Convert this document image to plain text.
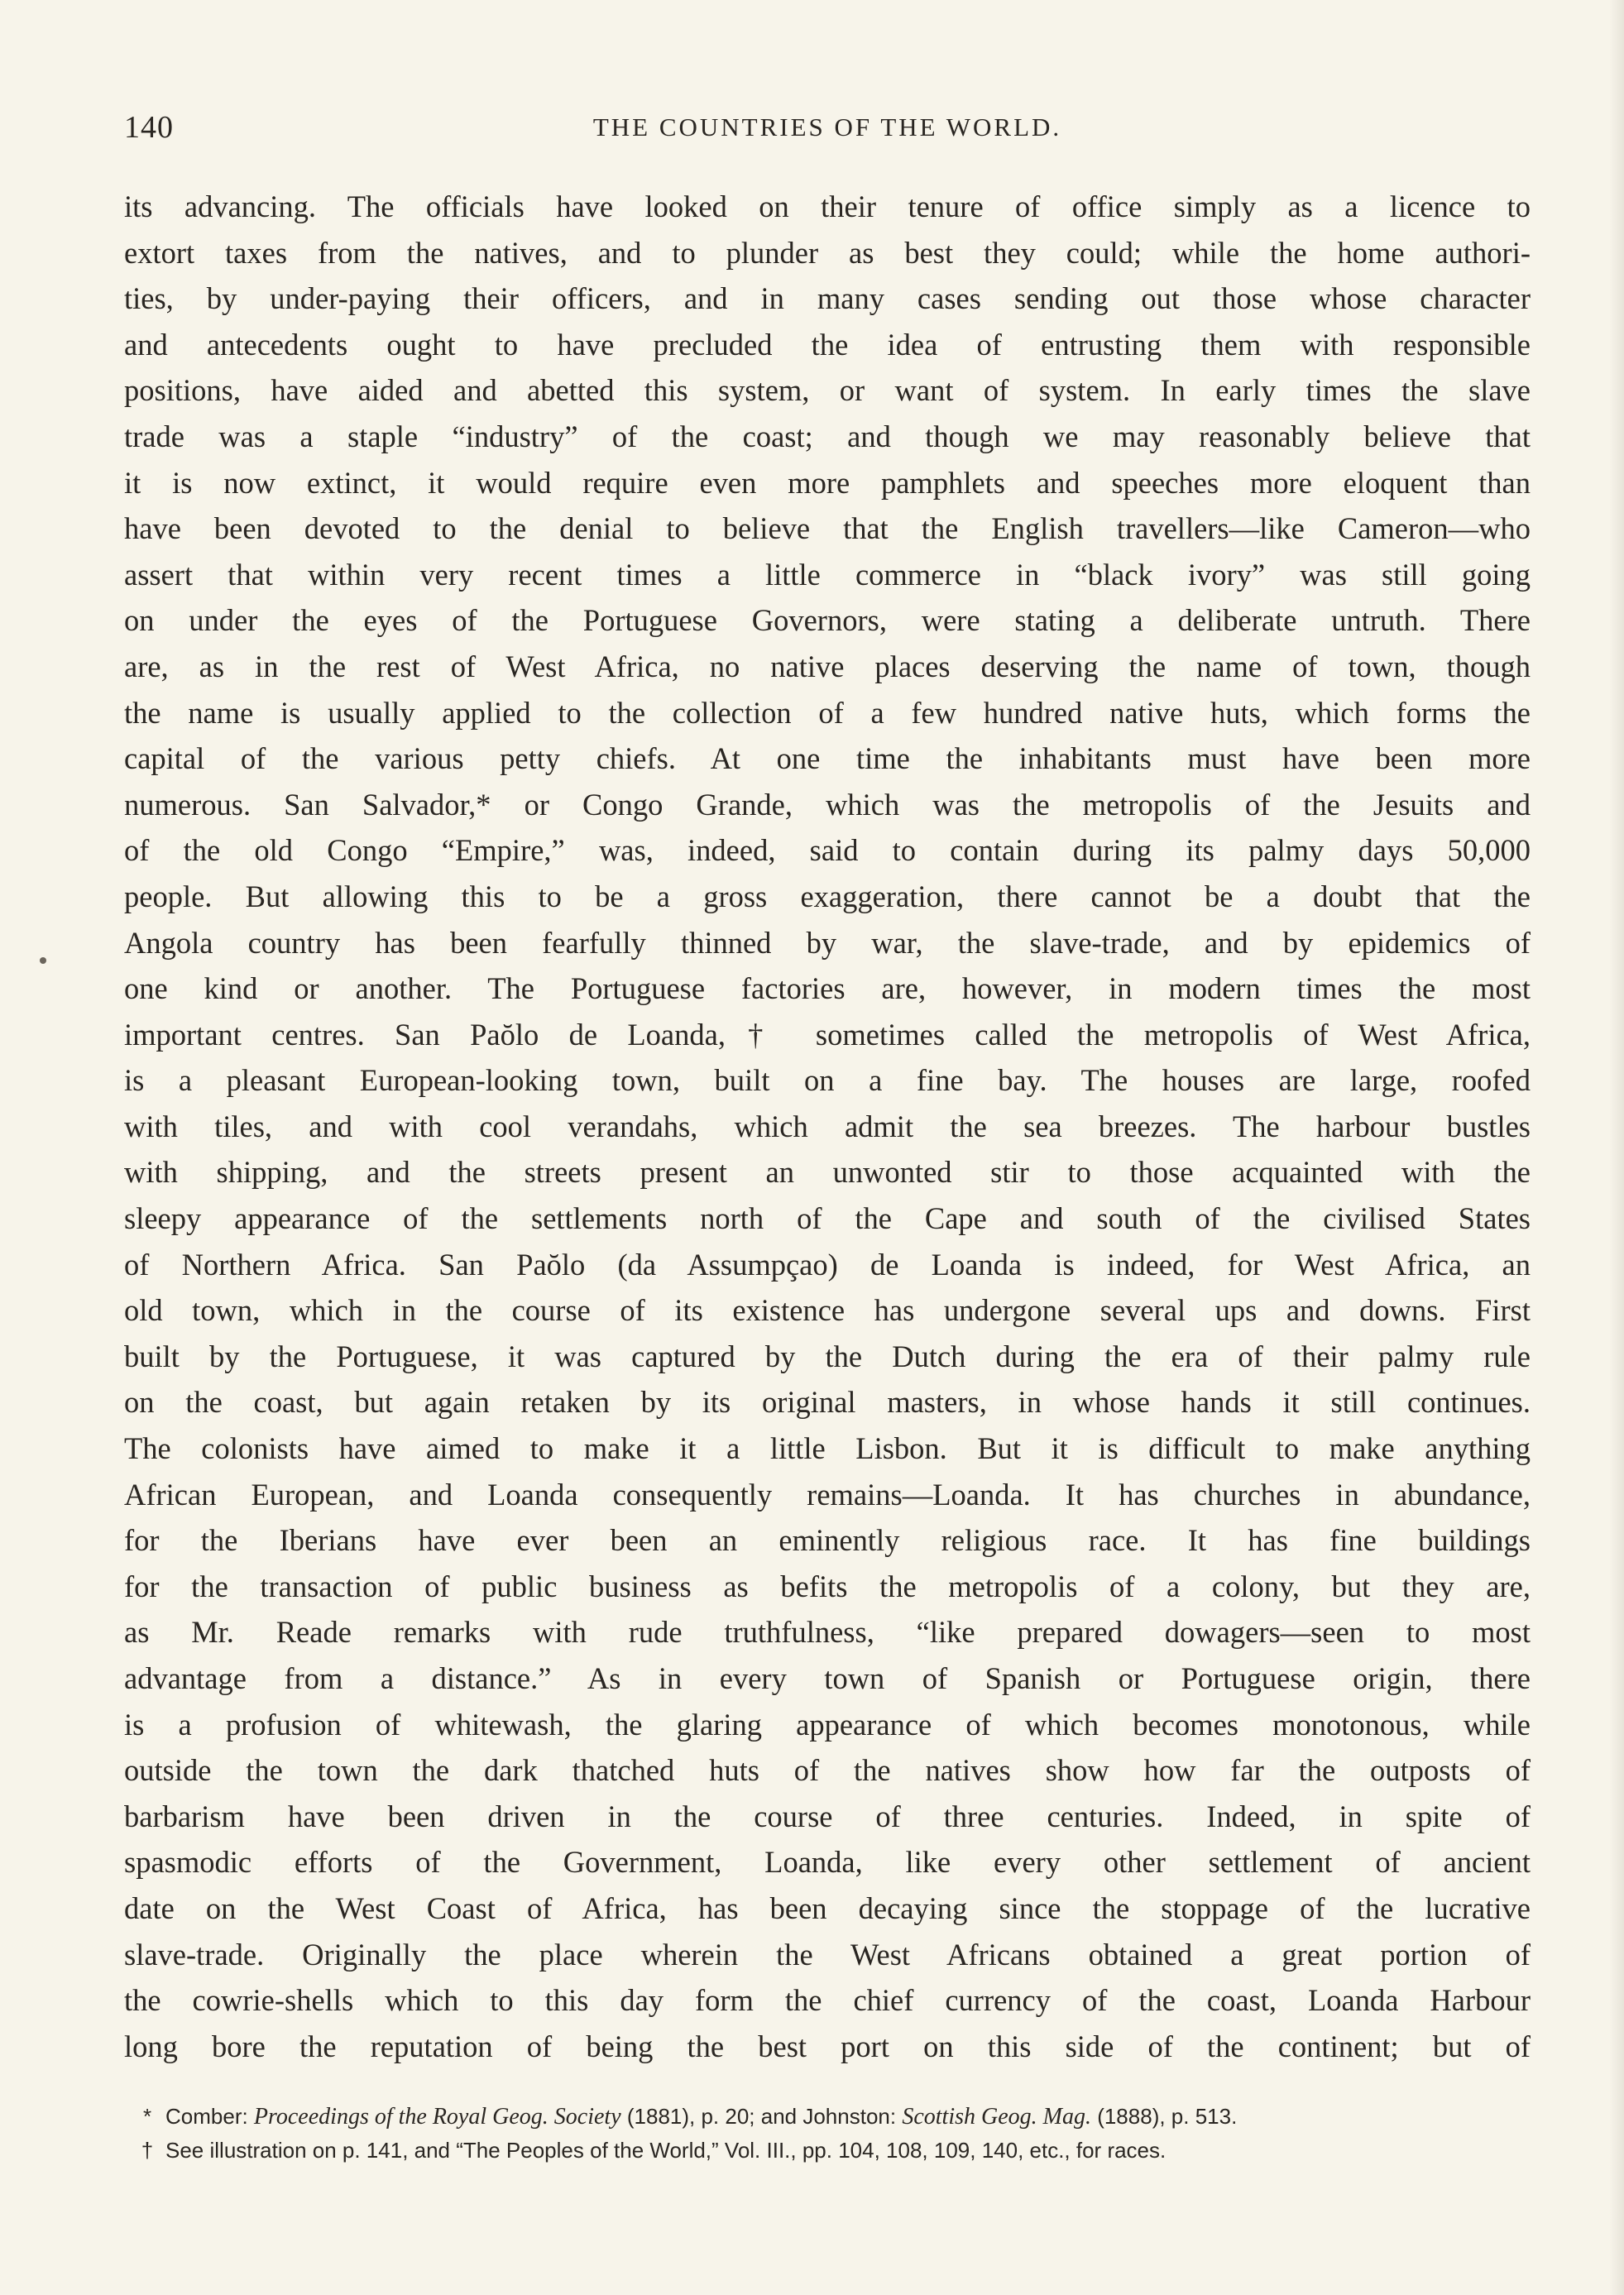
140	THE COUNTRIES OF THE WORLD.
its advancing. The officials have looked on their tenure of office simply as a licence to
extort taxes from the natives, and to plunder as best they could; while the home authori-
ties, by under-paying their officers, and in many cases sending out those whose character
and antecedents ought to have precluded the idea of entrusting them with responsible
positions, have aided and abetted this system, or want of system. In early times the slave
trade was a staple “industry” of the coast; and though we may reasonably believe that
it is now extinct, it would require even more pamphlets and speeches more eloquent than
have been devoted to the denial to believe that the English travellers—like Cameron—who
assert that within very recent times a little commerce in “black ivory” was still going
on under the eyes of the Portuguese Governors, were stating a deliberate untruth. There
are, as in the rest of West Africa, no native places deserving the name of town, though
the name is usually applied to the collection of a few hundred native huts, which forms the
capital of the various petty chiefs. At one time the inhabitants must have been more
numerous. San Salvador,* or Congo Grande, which was the metropolis of the Jesuits and
of the old Congo “Empire,” was, indeed, said to contain during its palmy days 50,000
people. But allowing this to be a gross exaggeration, there cannot be a doubt that the
Angola country has been fearfully thinned by war, the slave-trade, and by epidemics of
one kind or another. The Portuguese factories are, however, in modern times the most
important centres. San Paŏlo de Loanda,† sometimes called the metropolis of West Africa,
is a pleasant European-looking town, built on a fine bay. The houses are large, roofed
with tiles, and with cool verandahs, which admit the sea breezes. The harbour bustles
with shipping, and the streets present an unwonted stir to those acquainted with the
sleepy appearance of the settlements north of the Cape and south of the civilised States
of Northern Africa. San Paŏlo (da Assumpçao) de Loanda is indeed, for West Africa, an
old town, which in the course of its existence has undergone several ups and downs. First
built by the Portuguese, it was captured by the Dutch during the era of their palmy rule
on the coast, but again retaken by its original masters, in whose hands it still continues.
The colonists have aimed to make it a little Lisbon. But it is difficult to make anything
African European, and Loanda consequently remains—Loanda. It has churches in abundance,
for the Iberians have ever been an eminently religious race. It has fine buildings
for the transaction of public business as befits the metropolis of a colony, but they are,
as Mr. Reade remarks with rude truthfulness, “like prepared dowagers—seen to most
advantage from a distance.” As in every town of Spanish or Portuguese origin, there
is a profusion of whitewash, the glaring appearance of which becomes monotonous, while
outside the town the dark thatched huts of the natives show how far the outposts of
barbarism have been driven in the course of three centuries. Indeed, in spite of
spasmodic efforts of the Government, Loanda, like every other settlement of ancient
date on the West Coast of Africa, has been decaying since the stoppage of the lucrative
slave-trade. Originally the place wherein the West Africans obtained a great portion of
the cowrie-shells which to this day form the chief currency of the coast, Loanda Harbour
long bore the reputation of being the best port on this side of the continent; but of
* Comber: Proceedings of the Royal Geog. Society (1881), p. 20; and Johnston: Scottish Geog. Mag. (1888), p. 513.
† See illustration on p. 141, and “The Peoples of the World,” Vol. III., pp. 104, 108, 109, 140, etc., for races.
